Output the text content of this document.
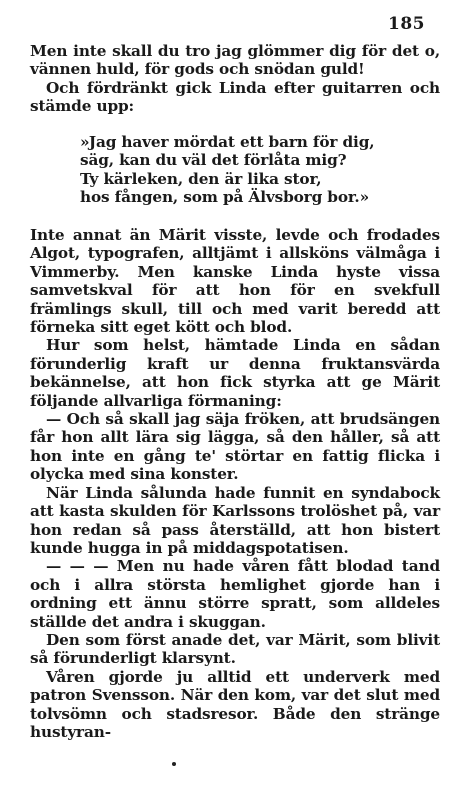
185

Men inte skall du tro jag glömmer dig för det o, vännen huld, för gods och snödan guld!

Och fördränkt gick Linda efter guitarren och stämde upp:

»Jag haver mördat ett barn för dig,
säg, kan du väl det förlåta mig?
Ty kärleken, den är lika stor,
hos fången, som på Älvsborg bor.»

Inte annat än Märit visste, levde och frodades Algot, typografen, alltjämt i allsköns välmåga i Vimmerby. Men kanske Linda hyste vissa samvetskval för att hon för en svekfull främlings skull, till och med varit beredd att förneka sitt eget kött och blod.

Hur som helst, hämtade Linda en sådan förunderlig kraft ur denna fruktansvärda bekännelse, att hon fick styrka att ge Märit följande allvarliga förmaning:

— Och så skall jag säja fröken, att brudsängen får hon allt lära sig lägga, så den håller, så att hon inte en gång te' störtar en fattig flicka i olycka med sina konster.

När Linda sålunda hade funnit en syndabock att kasta skulden för Karlssons trolöshet på, var hon redan så pass återställd, att hon bistert kunde hugga in på middagspotatisen.

— — — Men nu hade våren fått blodad tand och i allra största hemlighet gjorde han i ordning ett ännu större spratt, som alldeles ställde det andra i skuggan.

Den som först anade det, var Märit, som blivit så förunderligt klarsynt.

Våren gjorde ju alltid ett underverk med patron Svensson. När den kom, var det slut med tolvsömn och stadsresor. Både den stränge hustyran-
